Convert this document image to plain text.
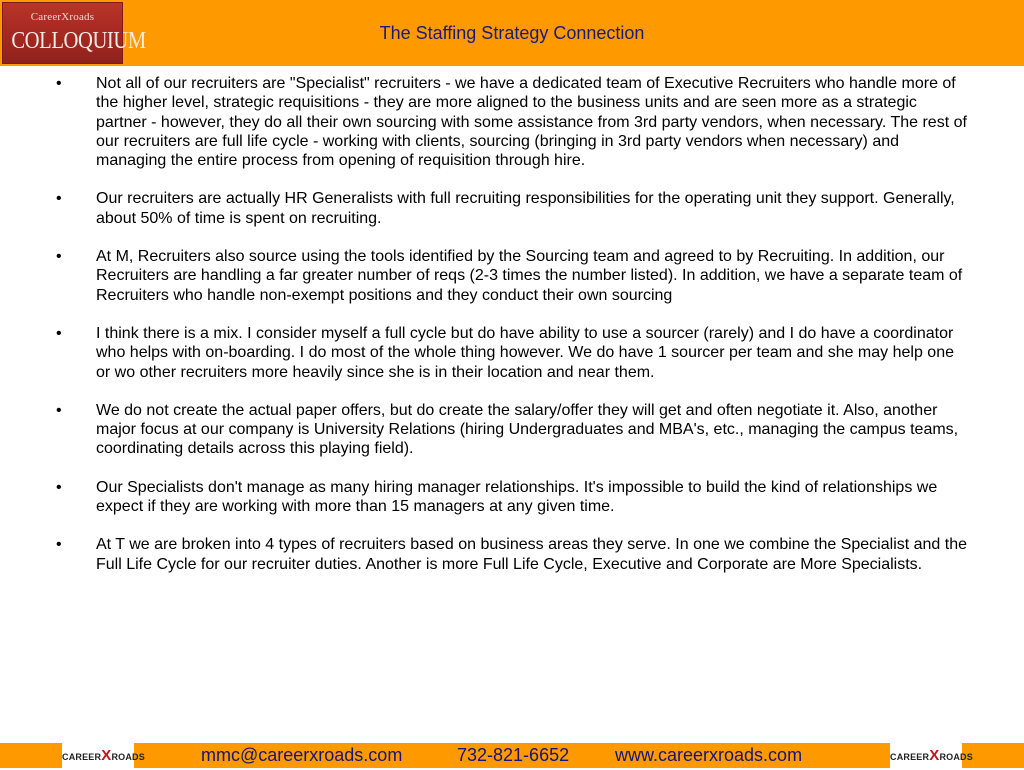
CareerXroads
COLLOQUIUM	The Staffing Strategy Connection
• Not all of our recruiters are "Specialist" recruiters - we have a dedicated team of Executive Recruiters who handle more of the higher level, strategic requisitions - they are more aligned to the business units and are seen more as a strategic partner - however, they do all their own sourcing with some assistance from 3rd party vendors, when necessary. The rest of our recruiters are full life cycle - working with clients, sourcing (bringing in 3rd party vendors when necessary) and managing the entire process from opening of requisition through hire.
• Our recruiters are actually HR Generalists with full recruiting responsibilities for the operating unit they support. Generally, about 50% of time is spent on recruiting.
• At M, Recruiters also source using the tools identified by the Sourcing team and agreed to by Recruiting. In addition, our Recruiters are handling a far greater number of reqs (2-3 times the number listed). In addition, we have a separate team of Recruiters who handle non-exempt positions and they conduct their own sourcing
• I think there is a mix. I consider myself a full cycle but do have ability to use a sourcer (rarely) and I do have a coordinator who helps with on-boarding. I do most of the whole thing however. We do have 1 sourcer per team and she may help one or wo other recruiters more heavily since she is in their location and near them.
• We do not create the actual paper offers, but do create the salary/offer they will get and often negotiate it. Also, another major focus at our company is University Relations (hiring Undergraduates and MBA's, etc., managing the campus teams, coordinating details across this playing field).
• Our Specialists don't manage as many hiring manager relationships. It's impossible to build the kind of relationships we expect if they are working with more than 15 managers at any given time.
• At T we are broken into 4 types of recruiters based on business areas they serve. In one we combine the Specialist and the Full Life Cycle for our recruiter duties. Another is more Full Life Cycle, Executive and Corporate are More Specialists.
CAREERXROADS	mmc@careerxroads.com	732-821-6652	www.careerxroads.com	CAREERXROADS
